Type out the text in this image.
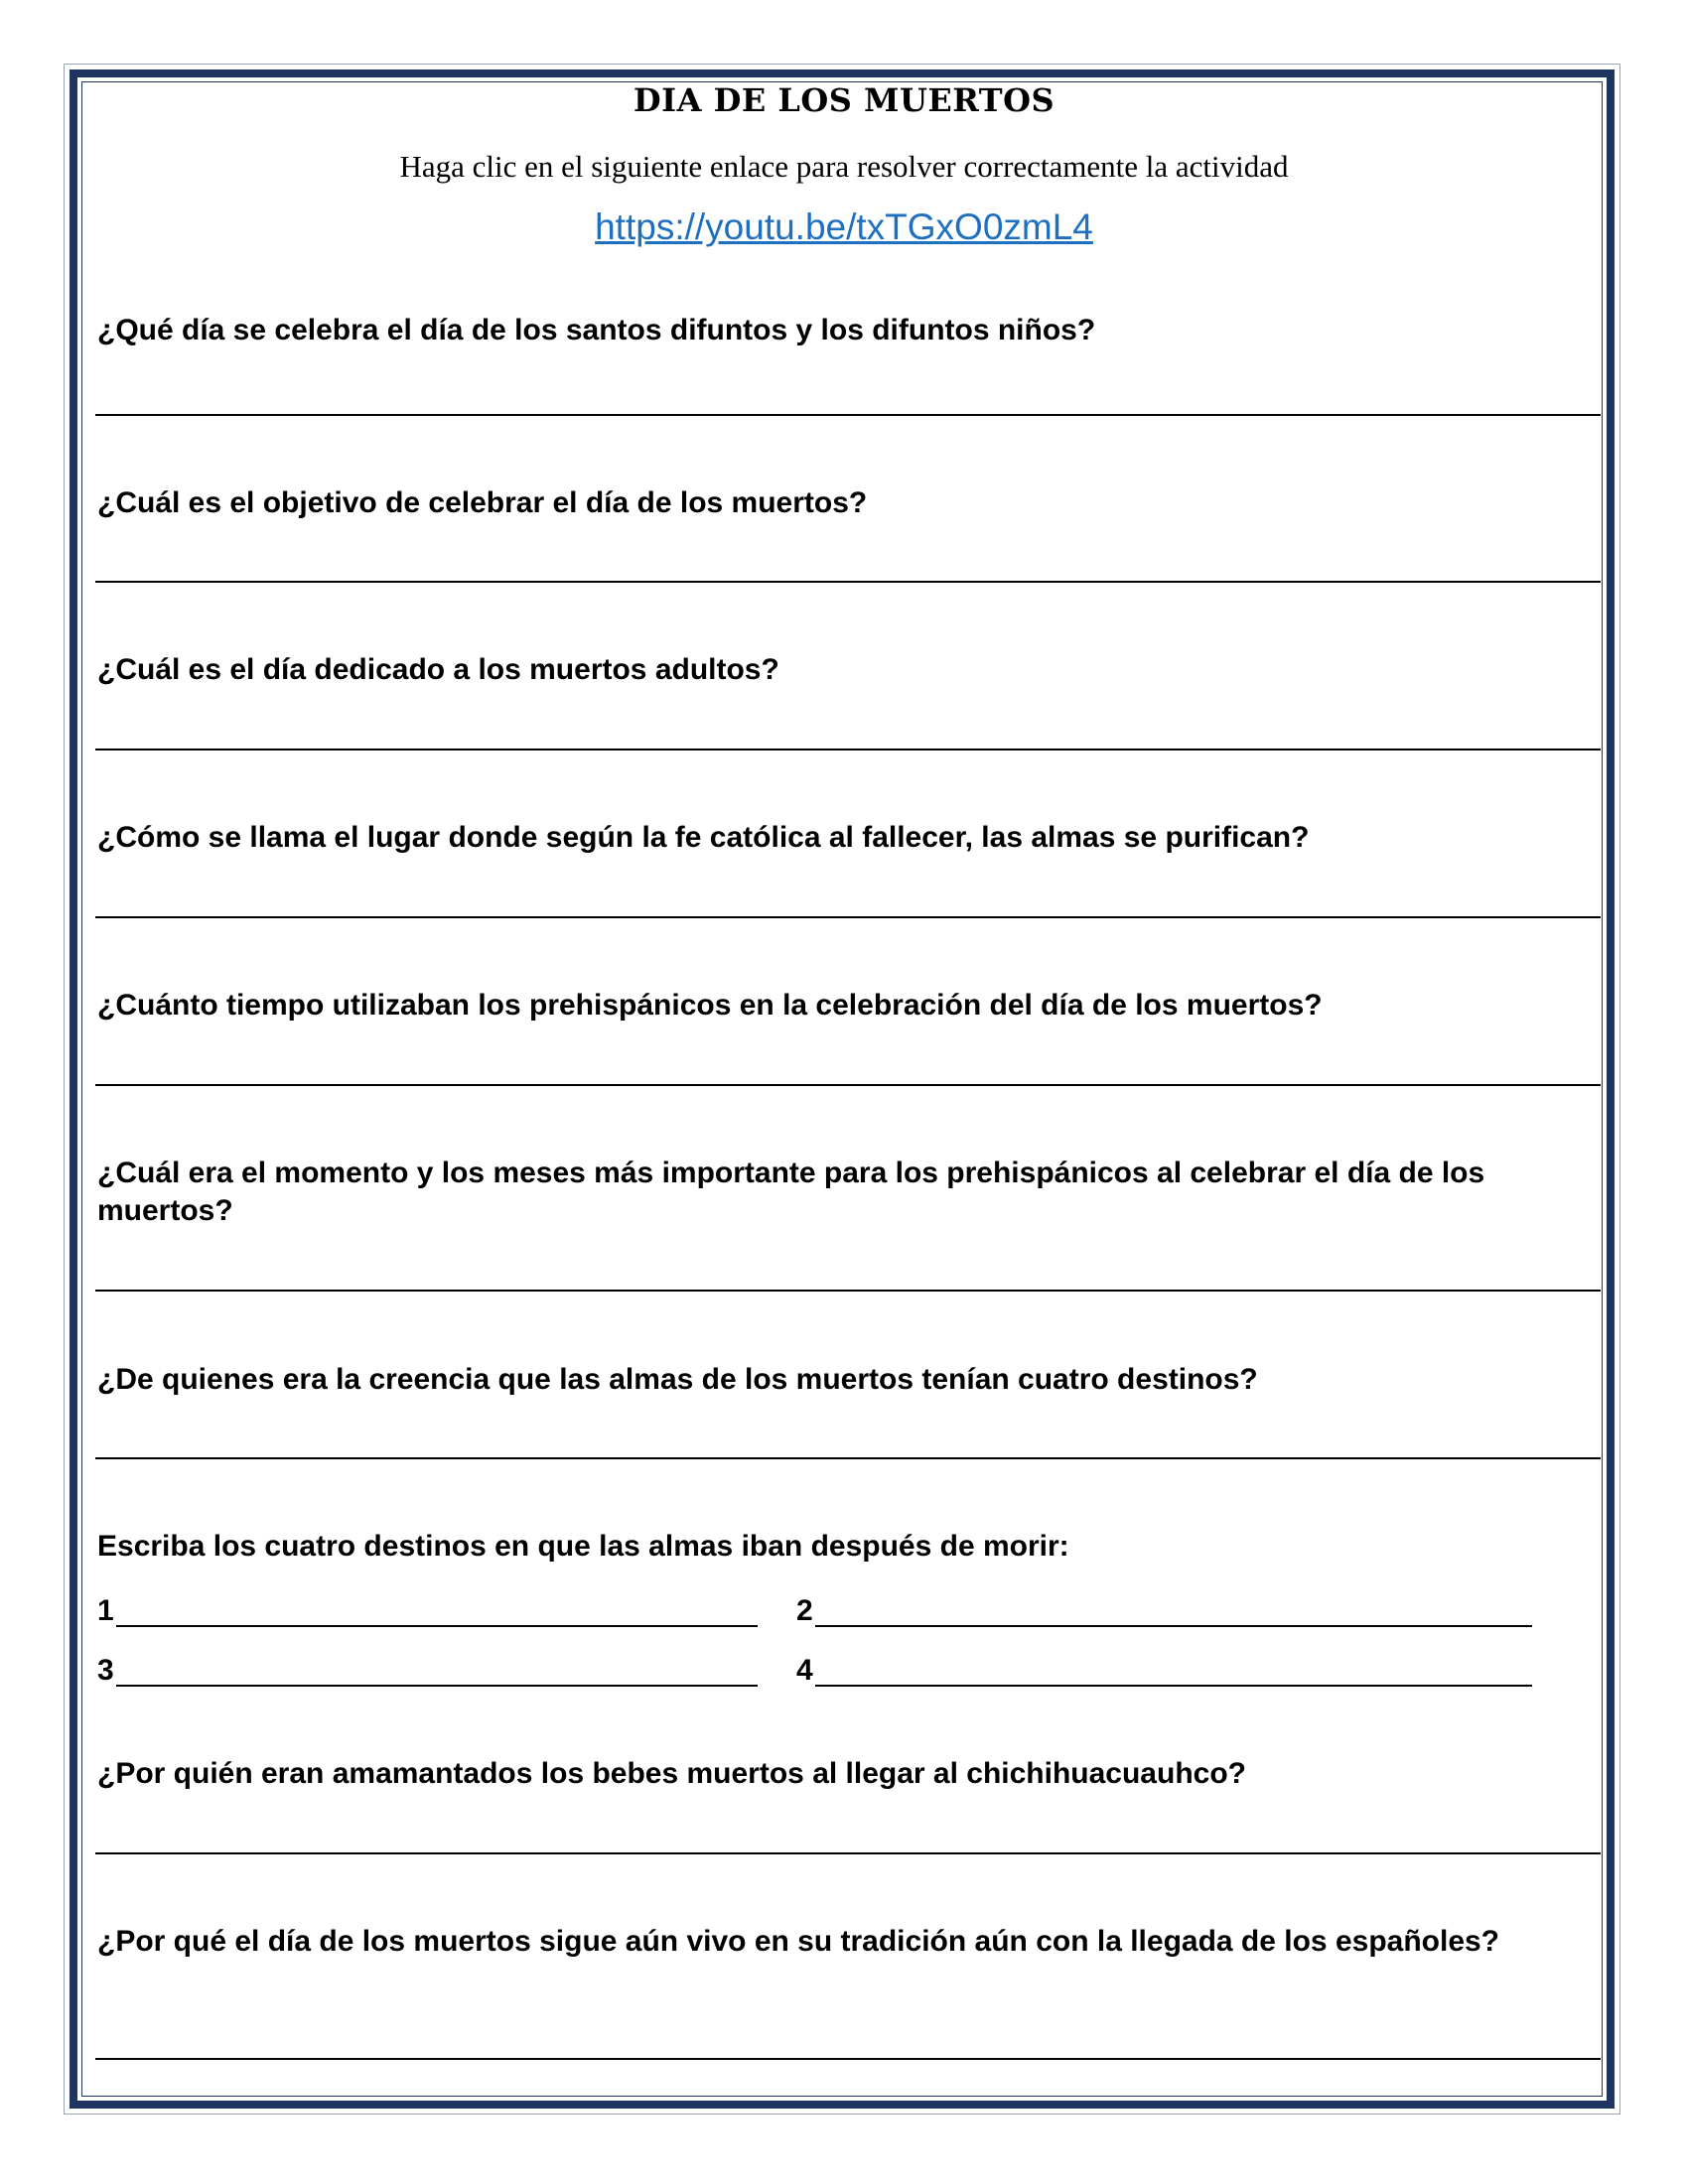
DIA DE LOS MUERTOS
Haga clic en el siguiente enlace para resolver correctamente la actividad
https://youtu.be/txTGxO0zmL4
¿Qué día se celebra el día de los santos difuntos y los difuntos niños?
¿Cuál es el objetivo de celebrar el día de los muertos?
¿Cuál es el día dedicado a los muertos adultos?
¿Cómo se llama el lugar donde según la fe católica al fallecer, las almas se purifican?
¿Cuánto tiempo utilizaban los prehispánicos en la celebración del día de los muertos?
¿Cuál era el momento y los meses más importante para los prehispánicos al celebrar el día de los muertos?
¿De quienes era la creencia que las almas de los muertos tenían cuatro destinos?
Escriba los cuatro destinos en que las almas iban después de morir:
1	2
3	4
¿Por quién eran amamantados los bebes muertos al llegar al chichihuacuauhco?
¿Por qué el día de los muertos sigue aún vivo en su tradición aún con la llegada de los españoles?
